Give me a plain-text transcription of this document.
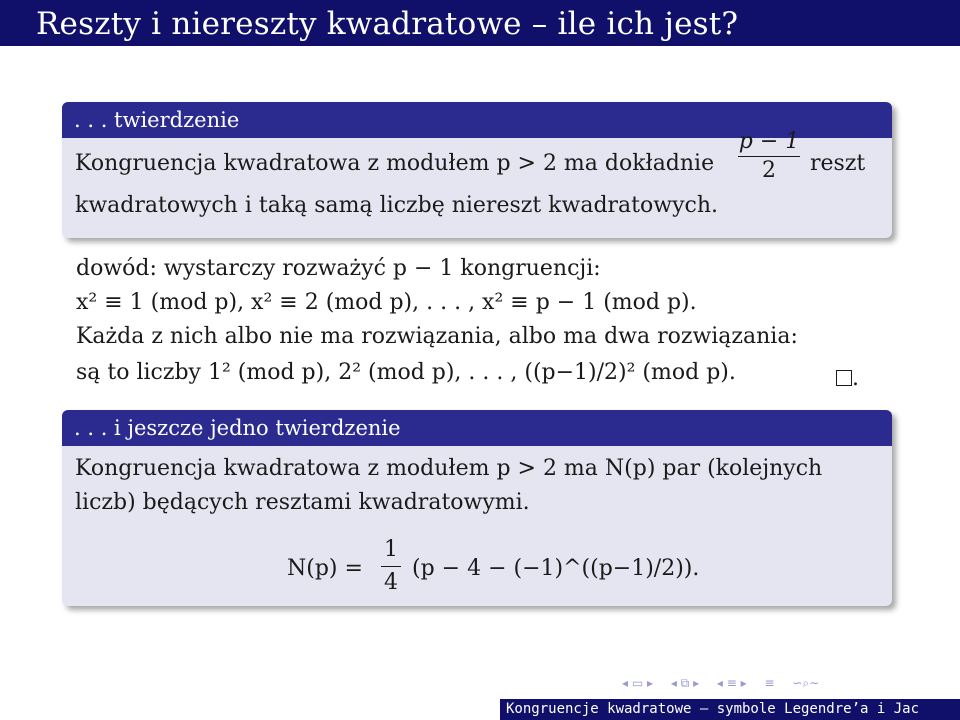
Reszty i niereszty kwadratowe – ile ich jest?
. . . twierdzenie
Kongruencja kwadratowa z modułem p > 2 ma dokładnie
p − 1
2	reszt
kwadratowych i taką samą liczbę niereszt kwadratowych.
dowód: wystarczy rozważyć p − 1 kongruencji:
x² ≡ 1 (mod p), x² ≡ 2 (mod p), . . . , x² ≡ p − 1 (mod p).
Każda z nich albo nie ma rozwiązania, albo ma dwa rozwiązania:
są to liczby 1² (mod p), 2² (mod p), . . . , ((p−1)/2)² (mod p).	.
. . . i jeszcze jedno twierdzenie
Kongruencja kwadratowa z modułem p > 2 ma N(p) par (kolejnych
liczb) będących resztami kwadratowymi.
N(p) =
1
4
(p − 4 − (−1)^((p−1)/2)).
◂ ▭ ▸ ◂ ⧉ ▸ ◂ ≡ ▸ ≡ ∽⌕∼
Kongruencje kwadratowe — symbole Legendre’a i Jac
